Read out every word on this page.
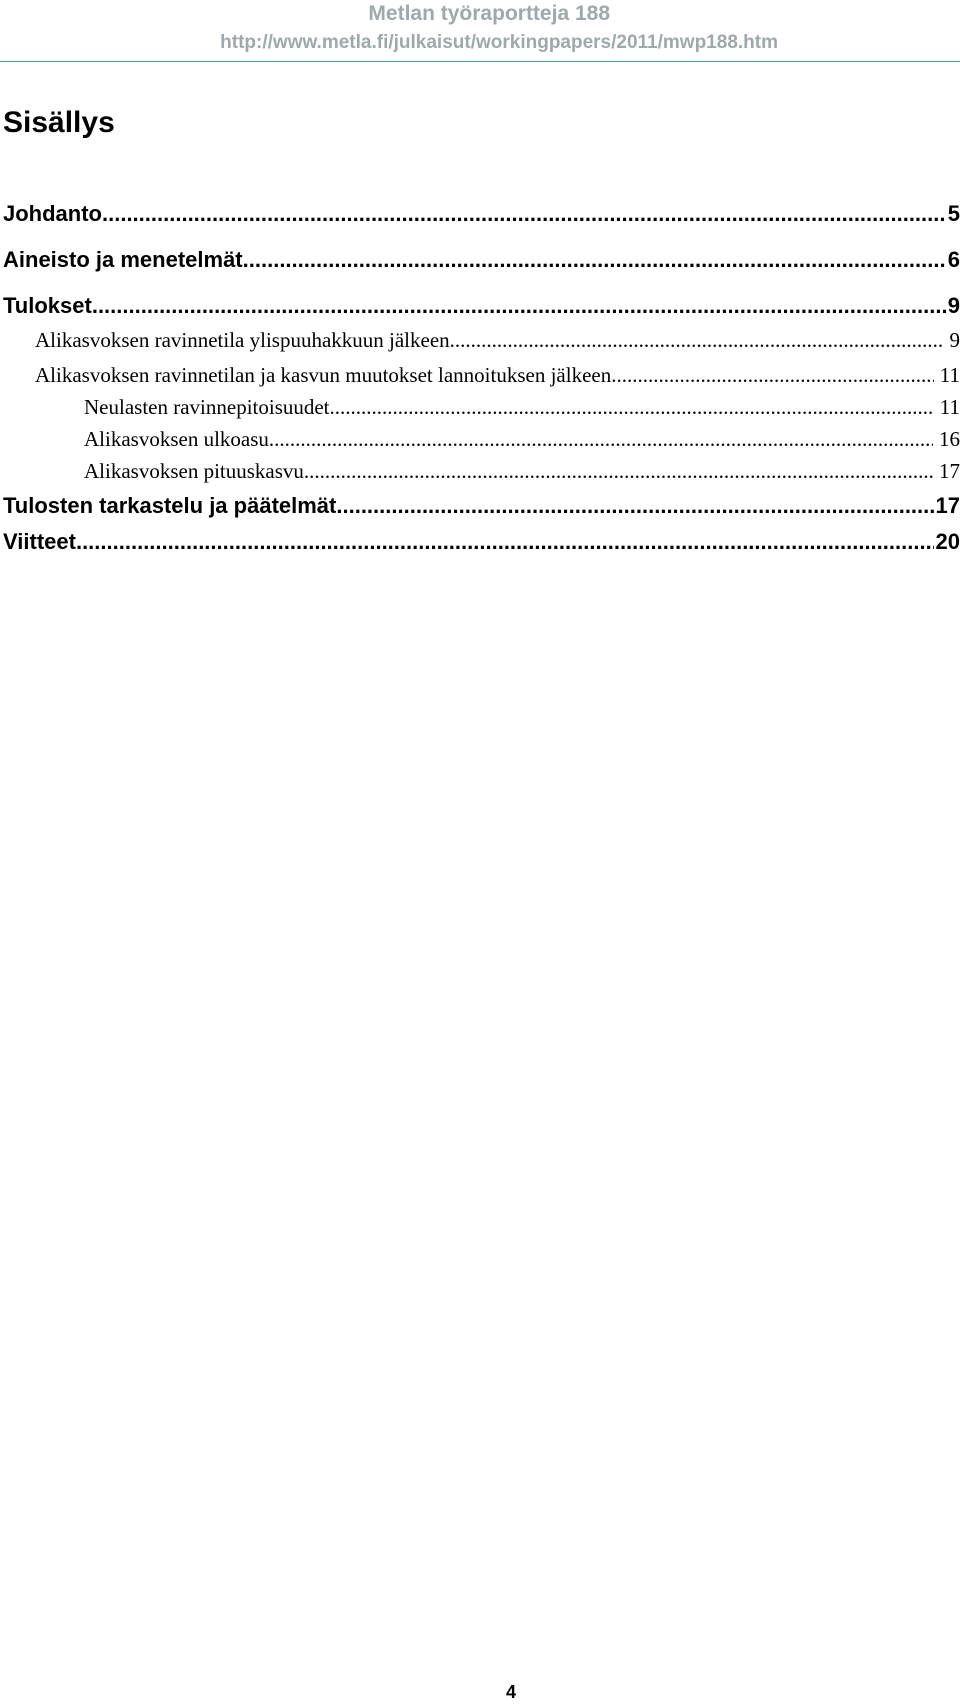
Metlan työraportteja 188
http://www.metla.fi/julkaisut/workingpapers/2011/mwp188.htm
Sisällys
Johdanto .....	5
Aineisto ja menetelmät .....	6
Tulokset .....	9
Alikasvoksen ravinnetila ylispuuhakkuun jälkeen .....	9
Alikasvoksen ravinnetilan ja kasvun muutokset lannoituksen jälkeen .....	11
Neulasten ravinnepitoisuudet .....	11
Alikasvoksen ulkoasu .....	16
Alikasvoksen pituuskasvu .....	17
Tulosten tarkastelu ja päätelmät .....	17
Viitteet .....	20
4
